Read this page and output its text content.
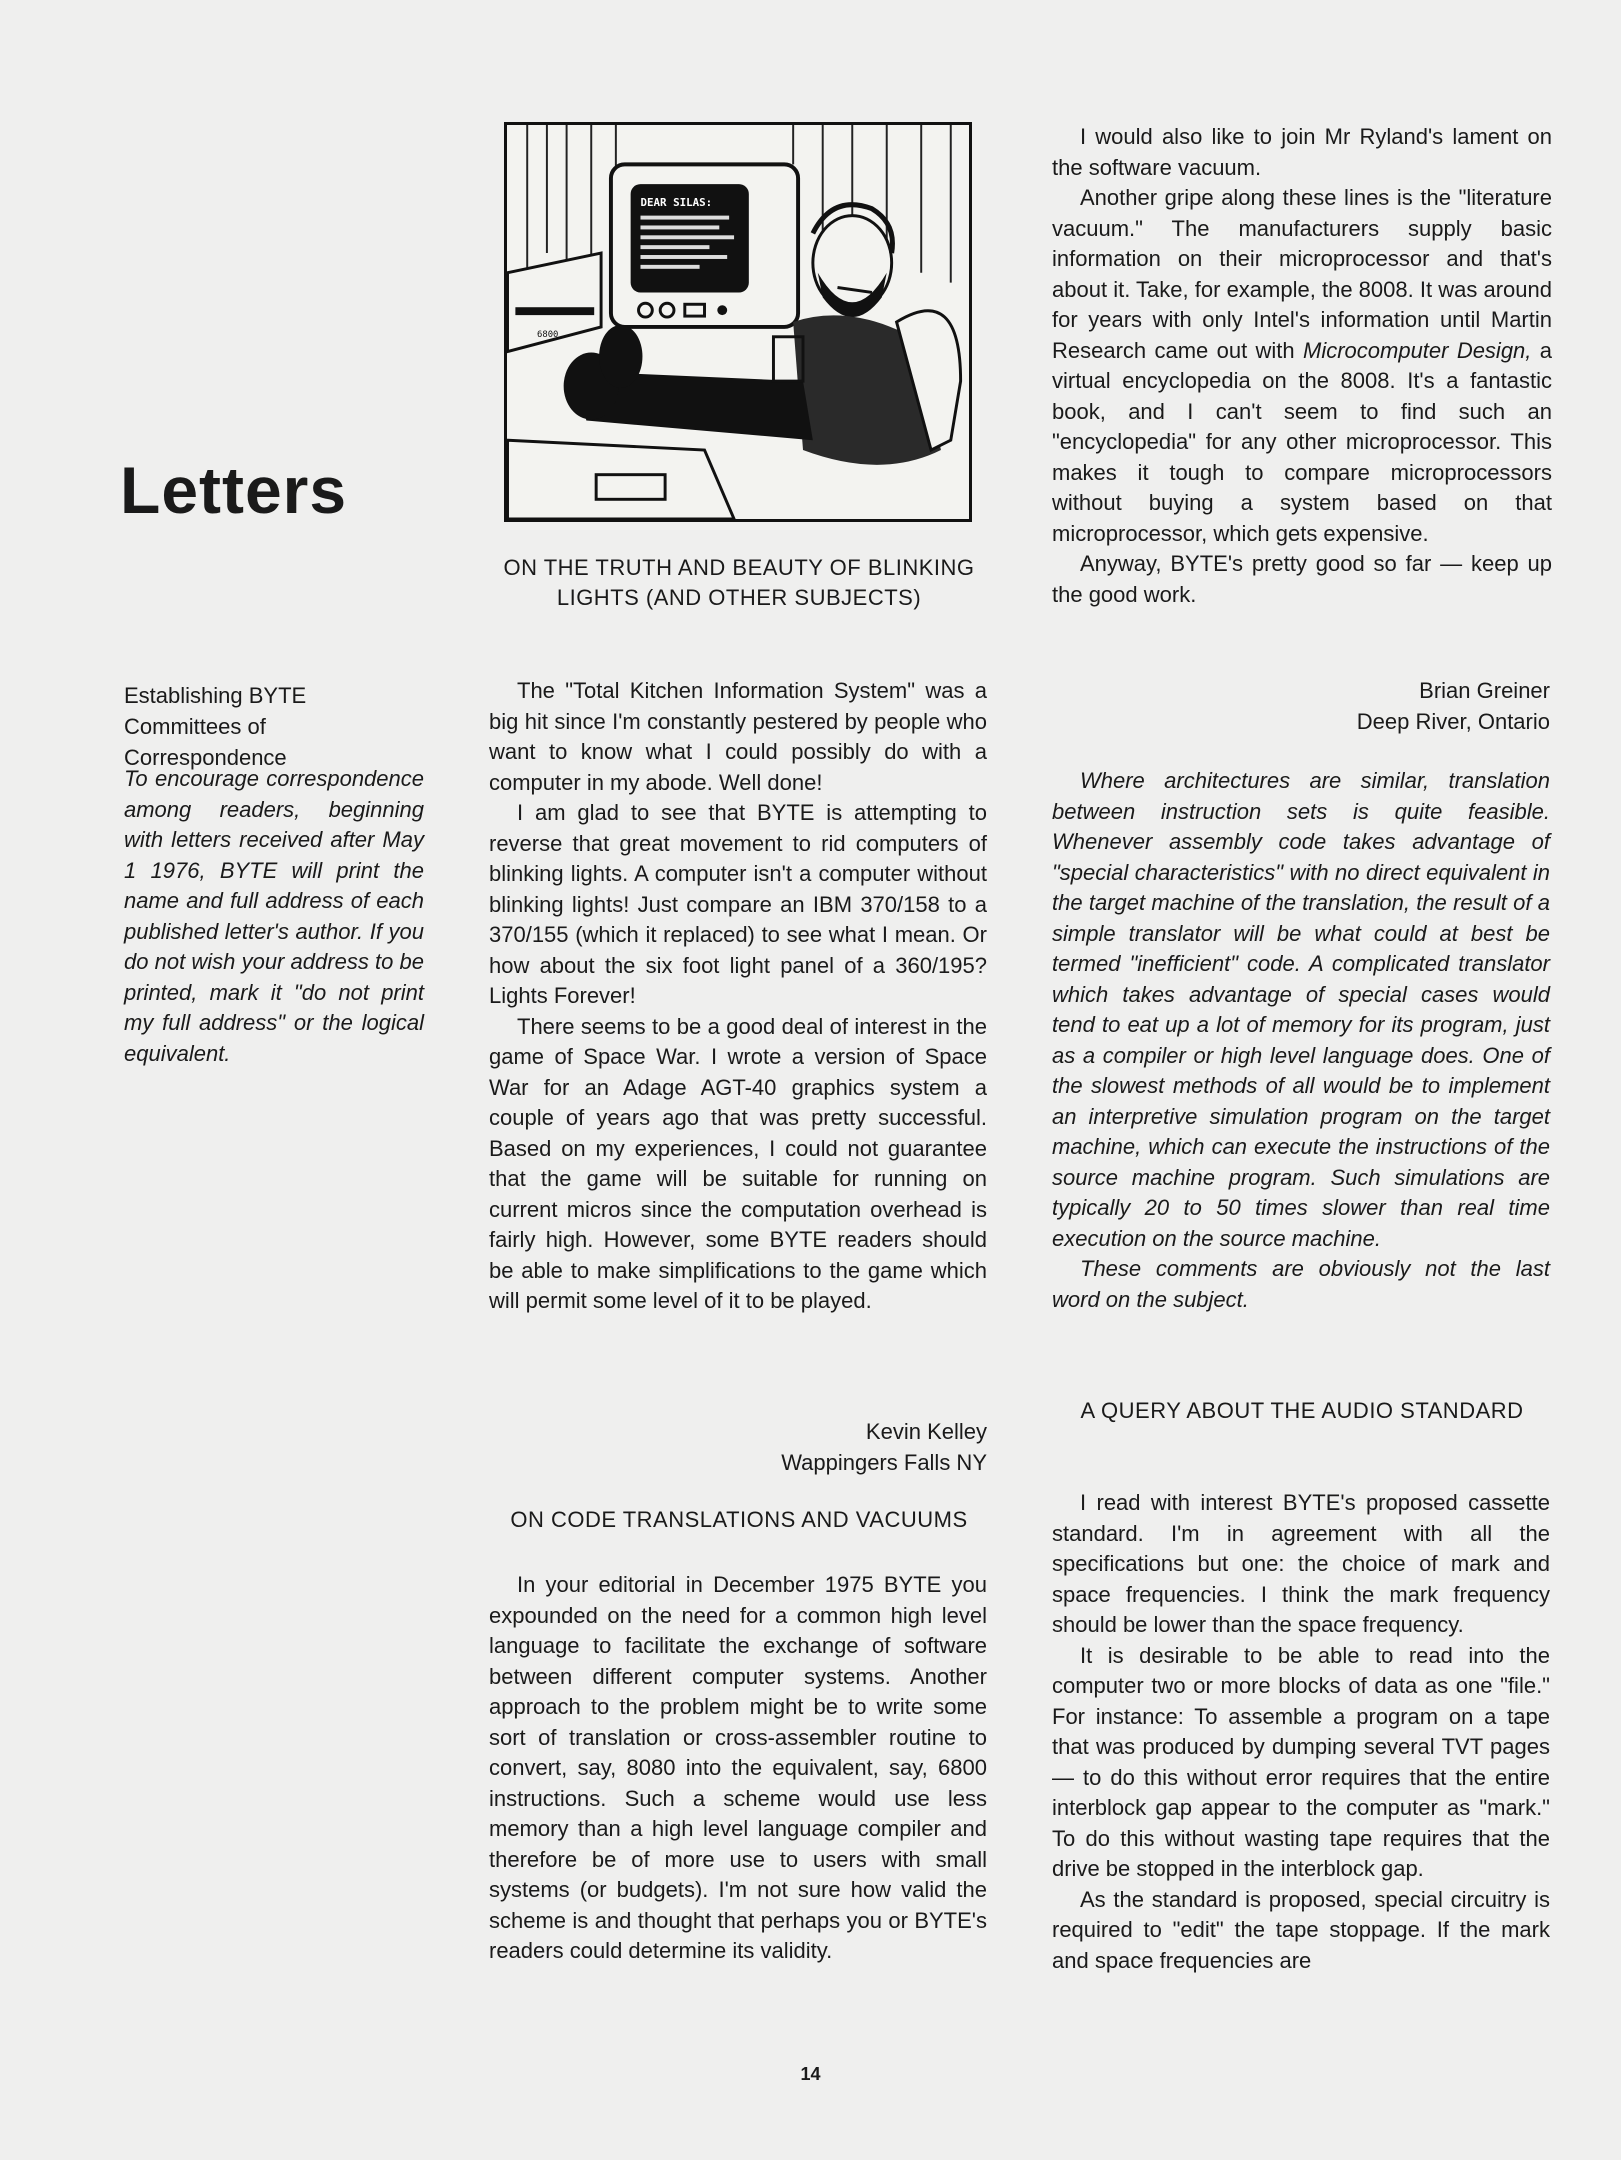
Letters
Establishing BYTE Committees of Correspondence

To encourage correspondence among readers, beginning with letters received after May 1 1976, BYTE will print the name and full address of each published letter's author. If you do not wish your address to be printed, mark it "do not print my full address" or the logical equivalent.

DEAR SILAS:
6800
ON THE TRUTH AND BEAUTY OF BLINKING LIGHTS (AND OTHER SUBJECTS)

The "Total Kitchen Information System" was a big hit since I'm constantly pestered by people who want to know what I could possibly do with a computer in my abode. Well done!

I am glad to see that BYTE is attempting to reverse that great movement to rid computers of blinking lights. A computer isn't a computer without blinking lights! Just compare an IBM 370/158 to a 370/155 (which it replaced) to see what I mean. Or how about the six foot light panel of a 360/195? Lights Forever!

There seems to be a good deal of interest in the game of Space War. I wrote a version of Space War for an Adage AGT-40 graphics system a couple of years ago that was pretty successful. Based on my experiences, I could not guarantee that the game will be suitable for running on current micros since the computation overhead is fairly high. However, some BYTE readers should be able to make simplifications to the game which will permit some level of it to be played.

Kevin Kelley
Wappingers Falls NY
ON CODE TRANSLATIONS AND VACUUMS

In your editorial in December 1975 BYTE you expounded on the need for a common high level language to facilitate the exchange of software between different computer systems. Another approach to the problem might be to write some sort of translation or cross-assembler routine to convert, say, 8080 into the equivalent, say, 6800 instructions. Such a scheme would use less memory than a high level language compiler and therefore be of more use to users with small systems (or budgets). I'm not sure how valid the scheme is and thought that perhaps you or BYTE's readers could determine its validity.

I would also like to join Mr Ryland's lament on the software vacuum.

Another gripe along these lines is the "literature vacuum." The manufacturers supply basic information on their microprocessor and that's about it. Take, for example, the 8008. It was around for years with only Intel's information until Martin Research came out with Microcomputer Design, a virtual encyclopedia on the 8008. It's a fantastic book, and I can't seem to find such an "encyclopedia" for any other microprocessor. This makes it tough to compare microprocessors without buying a system based on that microprocessor, which gets expensive.

Anyway, BYTE's pretty good so far — keep up the good work.

Brian Greiner
Deep River, Ontario

Where architectures are similar, translation between instruction sets is quite feasible. Whenever assembly code takes advantage of "special characteristics" with no direct equivalent in the target machine of the translation, the result of a simple translator will be what could at best be termed "inefficient" code. A complicated translator which takes advantage of special cases would tend to eat up a lot of memory for its program, just as a compiler or high level language does. One of the slowest methods of all would be to implement an interpretive simulation program on the target machine, which can execute the instructions of the source machine program. Such simulations are typically 20 to 50 times slower than real time execution on the source machine.

These comments are obviously not the last word on the subject.

A QUERY ABOUT THE AUDIO STANDARD

I read with interest BYTE's proposed cassette standard. I'm in agreement with all the specifications but one: the choice of mark and space frequencies. I think the mark frequency should be lower than the space frequency.

It is desirable to be able to read into the computer two or more blocks of data as one "file." For instance: To assemble a program on a tape that was produced by dumping several TVT pages — to do this without error requires that the entire interblock gap appear to the computer as "mark." To do this without wasting tape requires that the drive be stopped in the interblock gap.

As the standard is proposed, special circuitry is required to "edit" the tape stoppage. If the mark and space frequencies are

14
